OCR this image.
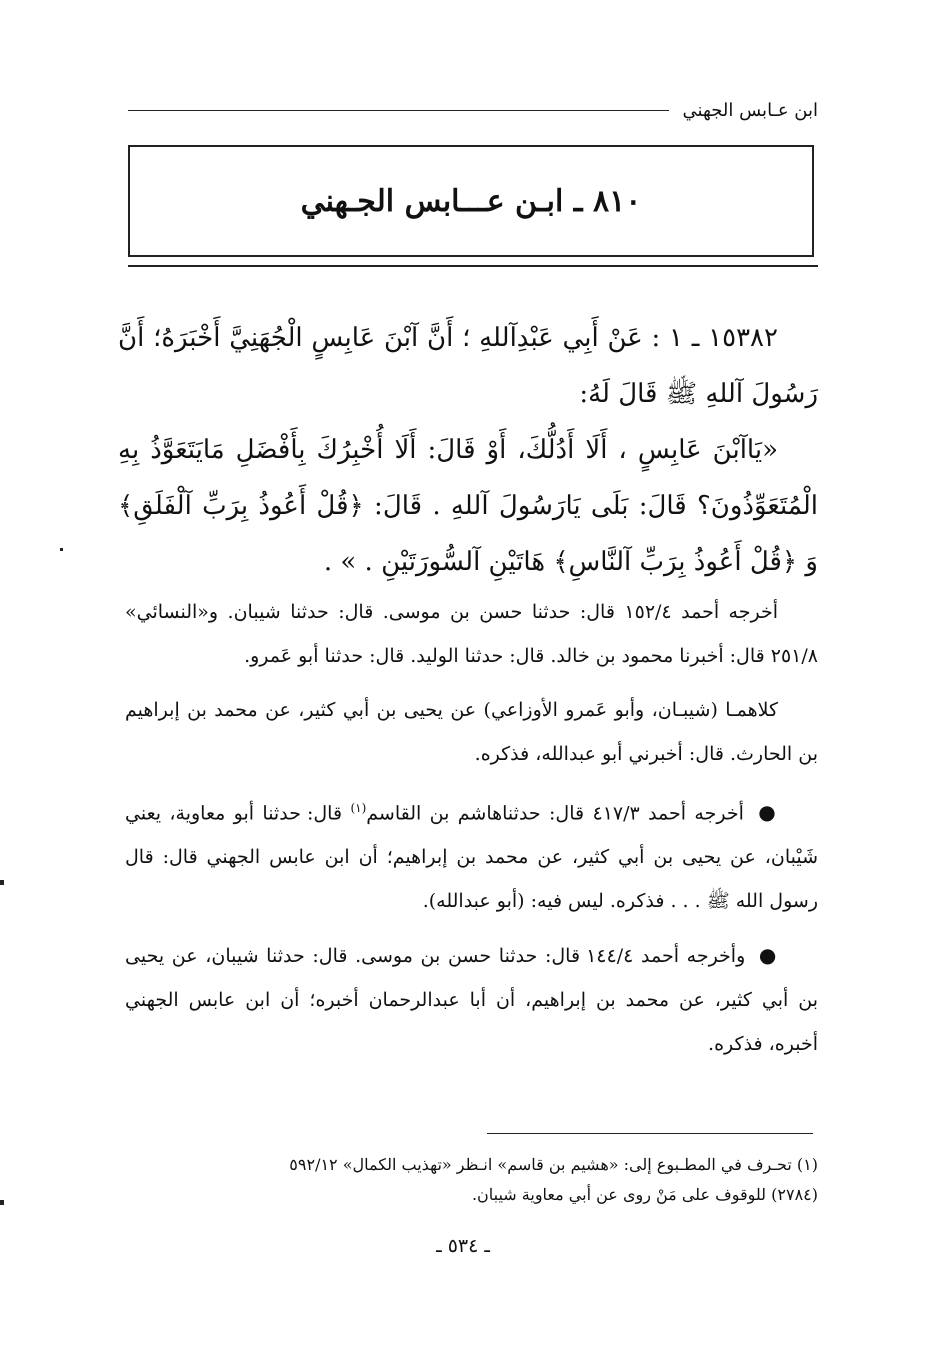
ابن عـابس الجهني
٨١٠ ـ ابـن عـــابس الجـهني

١٥٣٨٢ ـ ١ : عَنْ أَبِي عَبْدِآللهِ ؛ أَنَّ آبْنَ عَابِسٍ الْجُهَنِيَّ أَخْبَرَهُ؛ أَنَّ رَسُولَ آللهِ ﷺ قَالَ لَهُ:

«يَاآبْنَ عَابِسٍ ، أَلَا أَدُلُّكَ، أَوْ قَالَ: أَلَا أُخْبِرُكَ بِأَفْضَلِ مَايَتَعَوَّذُ بِهِ الْمُتَعَوِّذُونَ؟ قَالَ: بَلَى يَارَسُولَ آللهِ . قَالَ: ﴿قُلْ أَعُوذُ بِرَبِّ آلْفَلَقِ﴾ وَ ﴿قُلْ أَعُوذُ بِرَبِّ آلنَّاسِ﴾ هَاتَيْنِ آلسُّورَتَيْنِ . » .

أخرجه أحمد ١٥٢/٤ قال: حدثنا حسن بن موسى. قال: حدثنا شيبان. و«النسائي» ٢٥١/٨ قال: أخبرنا محمود بن خالد. قال: حدثنا الوليد. قال: حدثنا أبو عَمرو.

كلاهمـا (شيبـان، وأبو عَمرو الأوزاعي) عن يحيى بن أبي كثير، عن محمد بن إبراهيم بن الحارث. قال: أخبرني أبو عبدالله، فذكره.

● أخرجه أحمد ٤١٧/٣ قال: حدثناهاشم بن القاسم$^{(١)}$ قال: حدثنا أبو معاوية، يعني شَيْبان، عن يحيى بن أبي كثير، عن محمد بن إبراهيم؛ أن ابن عابس الجهني قال: قال رسول الله ﷺ . . . فذكره. ليس فيه: (أبو عبدالله).

● وأخرجه أحمد ١٤٤/٤ قال: حدثنا حسن بن موسى. قال: حدثنا شيبان، عن يحيى بن أبي كثير، عن محمد بن إبراهيم، أن أبا عبدالرحمان أخبره؛ أن ابن عابس الجهني أخبره، فذكره.

(١) تحـرف في المطـبوع إلى: «هشيم بن قاسم» انـظر «تهذيب الكمال» ٥٩٢/١٢

(٢٧٨٤) للوقوف على مَنْ روى عن أبي معاوية شيبان.

ـ ٥٣٤ ـ
